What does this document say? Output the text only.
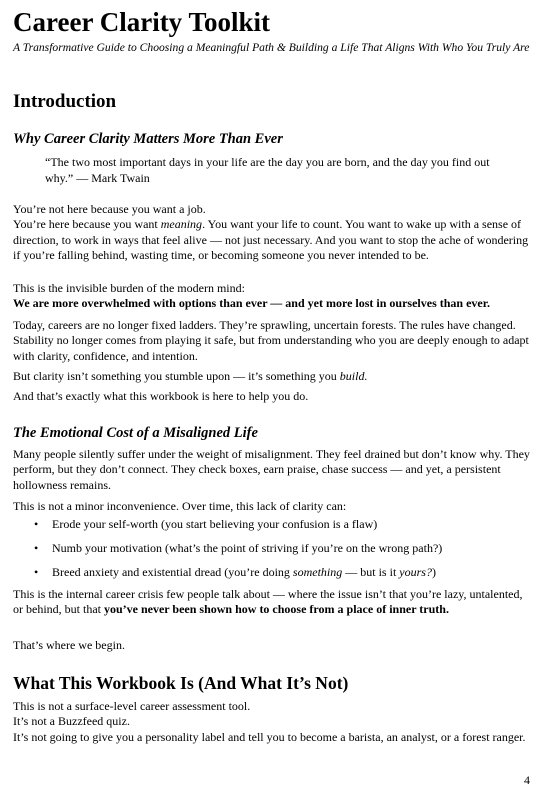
Career Clarity Toolkit

A Transformative Guide to Choosing a Meaningful Path & Building a Life That Aligns With Who You Truly Are

Introduction
Why Career Clarity Matters More Than Ever

“The two most important days in your life are the day you are born, and the day you find out why.” — Mark Twain

You’re not here because you want a job.

You’re here because you want meaning. You want your life to count. You want to wake up with a sense of direction, to work in ways that feel alive — not just necessary. And you want to stop the ache of wondering if you’re falling behind, wasting time, or becoming someone you never intended to be.

This is the invisible burden of the modern mind:

We are more overwhelmed with options than ever — and yet more lost in ourselves than ever.

Today, careers are no longer fixed ladders. They’re sprawling, uncertain forests. The rules have changed. Stability no longer comes from playing it safe, but from understanding who you are deeply enough to adapt with clarity, confidence, and intention.

But clarity isn’t something you stumble upon — it’s something you build.

And that’s exactly what this workbook is here to help you do.

The Emotional Cost of a Misaligned Life

Many people silently suffer under the weight of misalignment. They feel drained but don’t know why. They perform, but they don’t connect. They check boxes, earn praise, chase success — and yet, a persistent hollowness remains.

This is not a minor inconvenience. Over time, this lack of clarity can:

• Erode your self-worth (you start believing your confusion is a flaw)
• Numb your motivation (what’s the point of striving if you’re on the wrong path?)
• Breed anxiety and existential dread (you’re doing something — but is it yours?)

This is the internal career crisis few people talk about — where the issue isn’t that you’re lazy, untalented, or behind, but that you’ve never been shown how to choose from a place of inner truth.

That’s where we begin.

What This Workbook Is (And What It’s Not)

This is not a surface-level career assessment tool.

It’s not a Buzzfeed quiz.

It’s not going to give you a personality label and tell you to become a barista, an analyst, or a forest ranger.

4
